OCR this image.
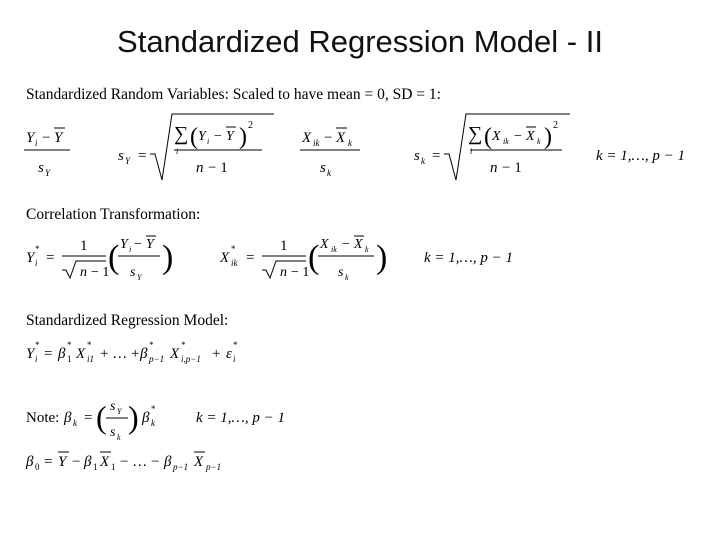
Standardized Regression Model - II
Standardized Random Variables: Scaled to have mean = 0, SD = 1:
Y i − Y
s Y
s Y =
∑
i
( Y i − Y ) 2
n − 1
X ik − X k
s k
s k =
∑
i
( X ik − X k ) 2
n − 1
k = 1,…, p − 1
Correlation Transformation:
Y i
*
=
1
n − 1
( Y i − Y
s Y
)	X ik
*
=
1
n − 1
( X ik − X k
s k
) k = 1,…, p − 1
Standardized Regression Model:
Y i
*
= β 1
*
X i1
*
+ … + β p−1
*
X i,p−1
*
+ ε i
*
Note: β k = ( s Y
s k
) β k
*
k = 1,…, p − 1
β 0 = Y − β 1 X 1 − … − β p−1 X p−1
